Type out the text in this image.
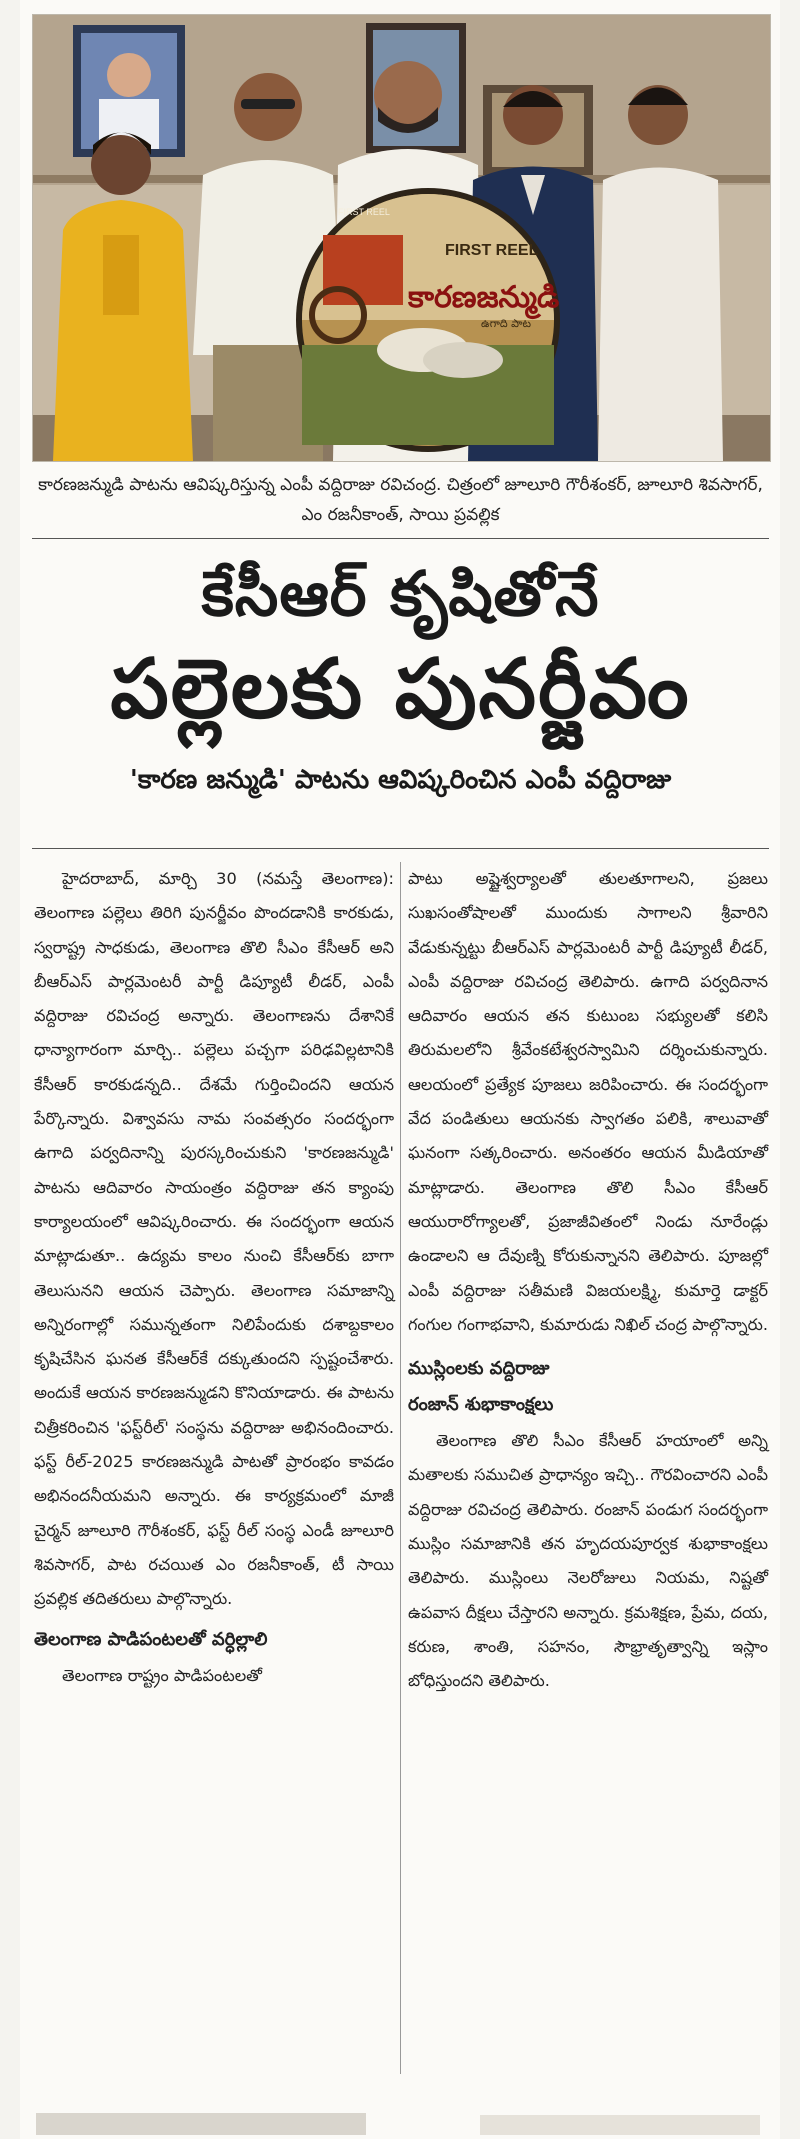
FIRST REEL
కారణజన్ముడి
ఉగాది పాట
FIRST REEL
కారణజన్ముడి పాటను ఆవిష్కరిస్తున్న ఎంపీ వద్దిరాజు రవిచంద్ర. చిత్రంలో జూలూరి గౌరీశంకర్, జూలూరి శివసాగర్, ఎం రజనీకాంత్, సాయి ప్రవల్లిక
కేసీఆర్ కృషితోనే
పల్లెలకు పునర్జీవం
'కారణ జన్ముడి' పాటను ఆవిష్కరించిన ఎంపీ వద్దిరాజు

హైదరాబాద్, మార్చి 30 (నమస్తే తెలంగాణ): తెలంగాణ పల్లెలు తిరిగి పునర్జీవం పొందడానికి కారకుడు, స్వరాష్ట్ర సాధకుడు, తెలంగాణ తొలి సీఎం కేసీఆర్ అని బీఆర్‌ఎస్ పార్లమెంటరీ పార్టీ డిప్యూటీ లీడర్, ఎంపీ వద్దిరాజు రవిచంద్ర అన్నారు. తెలంగాణను దేశానికే ధాన్యాగారంగా మార్చి.. పల్లెలు పచ్చగా పరిఢవిల్లటానికి కేసీఆర్ కారకుడన్నది.. దేశమే గుర్తించిందని ఆయన పేర్కొన్నారు. విశ్వావసు నామ సంవత్సరం సందర్భంగా ఉగాది పర్వదినాన్ని పురస్కరించుకుని 'కారణజన్ముడి' పాటను ఆదివారం సాయంత్రం వద్దిరాజు తన క్యాంపు కార్యాలయంలో ఆవిష్కరించారు. ఈ సందర్భంగా ఆయన మాట్లాడుతూ.. ఉద్యమ కాలం నుంచి కేసీఆర్‌కు బాగా తెలుసునని ఆయన చెప్పారు. తెలంగాణ సమాజాన్ని అన్నిరంగాల్లో సమున్నతంగా నిలిపేందుకు దశాబ్దకాలం కృషిచేసిన ఘనత కేసీఆర్‌కే దక్కుతుందని స్పష్టంచేశారు. అందుకే ఆయన కారణజన్ముడని కొనియాడారు. ఈ పాటను చిత్రీకరించిన 'ఫస్ట్‌రీల్' సంస్థను వద్దిరాజు అభినందించారు. ఫస్ట్ రీల్-2025 కారణజన్ముడి పాటతో ప్రారంభం కావడం అభినందనీయమని అన్నారు. ఈ కార్యక్రమంలో మాజీ చైర్మన్ జూలూరి గౌరీశంకర్, ఫస్ట్ రీల్ సంస్థ ఎండీ జూలూరి శివసాగర్, పాట రచయిత ఎం రజనీకాంత్, టీ సాయి ప్రవల్లిక తదితరులు పాల్గొన్నారు.

తెలంగాణ పాడిపంటలతో వర్ధిల్లాలి

తెలంగాణ రాష్ట్రం పాడిపంటలతో

పాటు అష్టైశ్వర్యాలతో తులతూగాలని, ప్రజలు సుఖసంతోషాలతో ముందుకు సాగాలని శ్రీవారిని వేడుకున్నట్టు బీఆర్‌ఎస్ పార్లమెంటరీ పార్టీ డిప్యూటీ లీడర్, ఎంపీ వద్దిరాజు రవిచంద్ర తెలిపారు. ఉగాది పర్వదినాన ఆదివారం ఆయన తన కుటుంబ సభ్యులతో కలిసి తిరుమలలోని శ్రీవేంకటేశ్వరస్వామిని దర్శించుకున్నారు. ఆలయంలో ప్రత్యేక పూజలు జరిపించారు. ఈ సందర్భంగా వేద పండితులు ఆయనకు స్వాగతం పలికి, శాలువాతో ఘనంగా సత్కరించారు. అనంతరం ఆయన మీడియాతో మాట్లాడారు. తెలంగాణ తొలి సీఎం కేసీఆర్ ఆయురారోగ్యాలతో, ప్రజాజీవితంలో నిండు నూరేండ్లు ఉండాలని ఆ దేవుణ్ని కోరుకున్నానని తెలిపారు. పూజల్లో ఎంపీ వద్దిరాజు సతీమణి విజయలక్ష్మి, కుమార్తె డాక్టర్ గంగుల గంగాభవాని, కుమారుడు నిఖిల్ చంద్ర పాల్గొన్నారు.

ముస్లింలకు వద్దిరాజు
రంజాన్ శుభాకాంక్షలు

తెలంగాణ తొలి సీఎం కేసీఆర్ హయాంలో అన్ని మతాలకు సముచిత ప్రాధాన్యం ఇచ్చి.. గౌరవించారని ఎంపీ వద్దిరాజు రవిచంద్ర తెలిపారు. రంజాన్ పండుగ సందర్భంగా ముస్లిం సమాజానికి తన హృదయపూర్వక శుభాకాంక్షలు తెలిపారు. ముస్లింలు నెలరోజులు నియమ, నిష్టతో ఉపవాస దీక్షలు చేస్తారని అన్నారు. క్రమశిక్షణ, ప్రేమ, దయ, కరుణ, శాంతి, సహనం, సౌభ్రాతృత్వాన్ని ఇస్లాం బోధిస్తుందని తెలిపారు.
